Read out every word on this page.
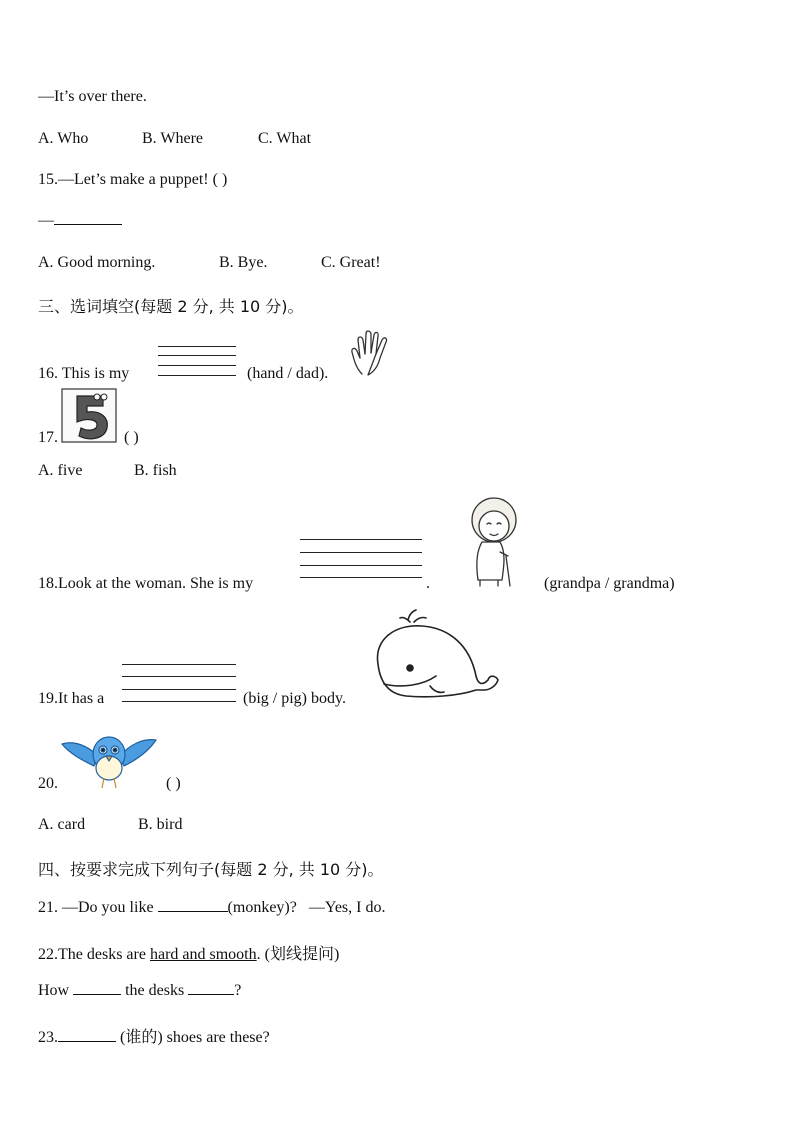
—It’s over there.
A. Who	B. Where	C. What
15.—Let’s make a puppet! ( )
—
A. Good morning.	B. Bye.	C. Great!
三、选词填空(每题 2 分, 共 10 分)。
16. This is my	(hand / dad).
17.	( )
A. five	B. fish
18.Look at the woman. She is my	.	(grandpa / grandma)
19.It has a	(big / pig) body.
20.	( )
A. card	B. bird
四、按要求完成下列句子(每题 2 分, 共 10 分)。
21. —Do you like	(monkey)? —Yes, I do.
22.The desks are hard and smooth. (划线提问)
How	the desks	?
23.	(谁的) shoes are these?
